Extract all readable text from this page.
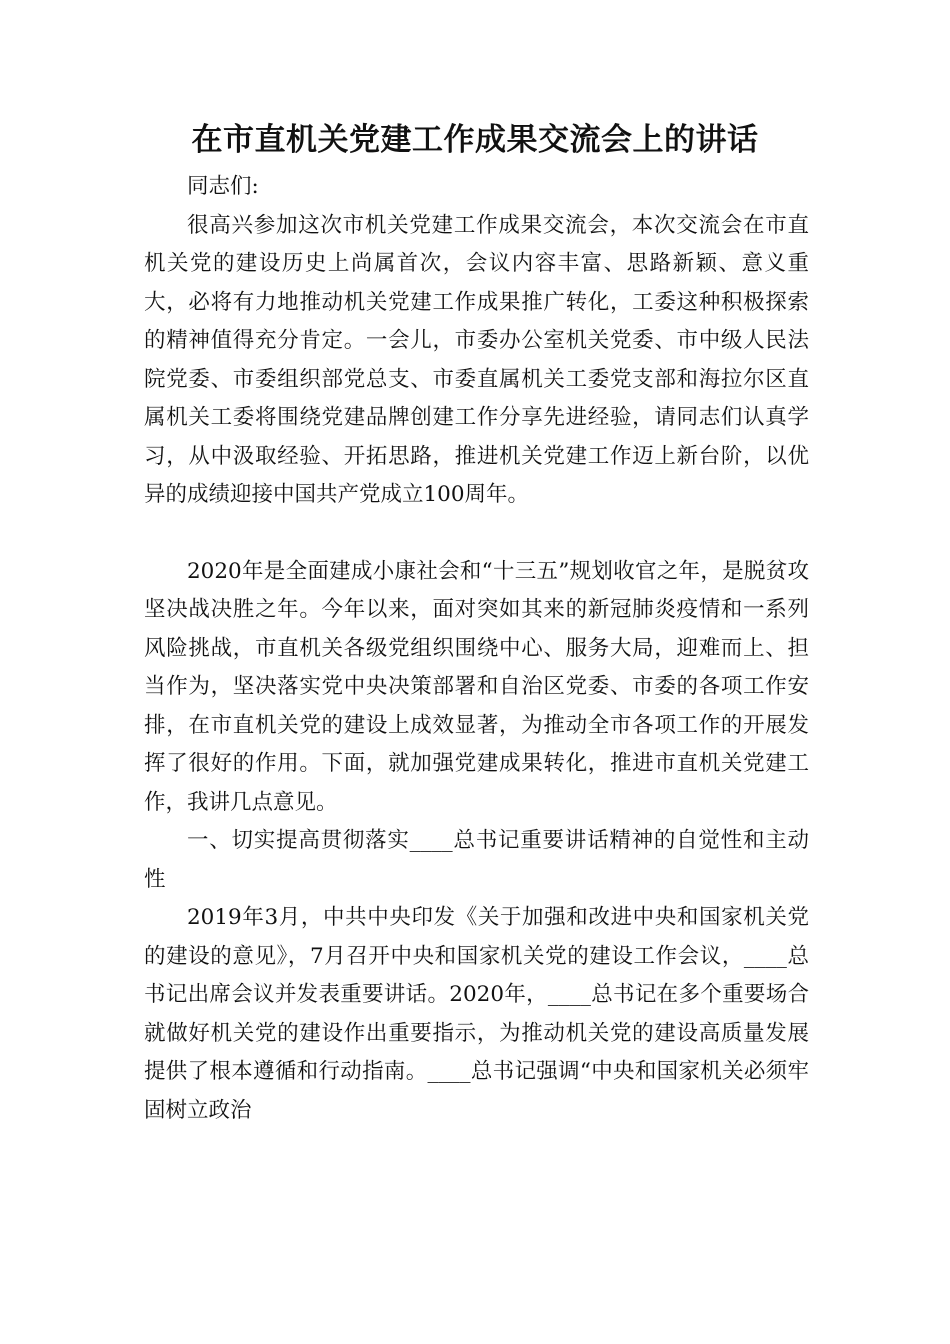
在市直机关党建工作成果交流会上的讲话

同志们:

很高兴参加这次市机关党建工作成果交流会，本次交流会在市直机关党的建设历史上尚属首次，会议内容丰富、思路新颖、意义重大，必将有力地推动机关党建工作成果推广转化，工委这种积极探索的精神值得充分肯定。一会儿，市委办公室机关党委、市中级人民法院党委、市委组织部党总支、市委直属机关工委党支部和海拉尔区直属机关工委将围绕党建品牌创建工作分享先进经验，请同志们认真学习，从中汲取经验、开拓思路，推进机关党建工作迈上新台阶，以优异的成绩迎接中国共产党成立100周年。

2020年是全面建成小康社会和“十三五”规划收官之年，是脱贫攻坚决战决胜之年。今年以来，面对突如其来的新冠肺炎疫情和一系列风险挑战，市直机关各级党组织围绕中心、服务大局，迎难而上、担当作为，坚决落实党中央决策部署和自治区党委、市委的各项工作安排，在市直机关党的建设上成效显著，为推动全市各项工作的开展发挥了很好的作用。下面，就加强党建成果转化，推进市直机关党建工作，我讲几点意见。

一、切实提高贯彻落实____总书记重要讲话精神的自觉性和主动性

2019年3月，中共中央印发《关于加强和改进中央和国家机关党的建设的意见》，7月召开中央和国家机关党的建设工作会议，____总书记出席会议并发表重要讲话。2020年，____总书记在多个重要场合就做好机关党的建设作出重要指示，为推动机关党的建设高质量发展提供了根本遵循和行动指南。____总书记强调“中央和国家机关必须牢固树立政治
